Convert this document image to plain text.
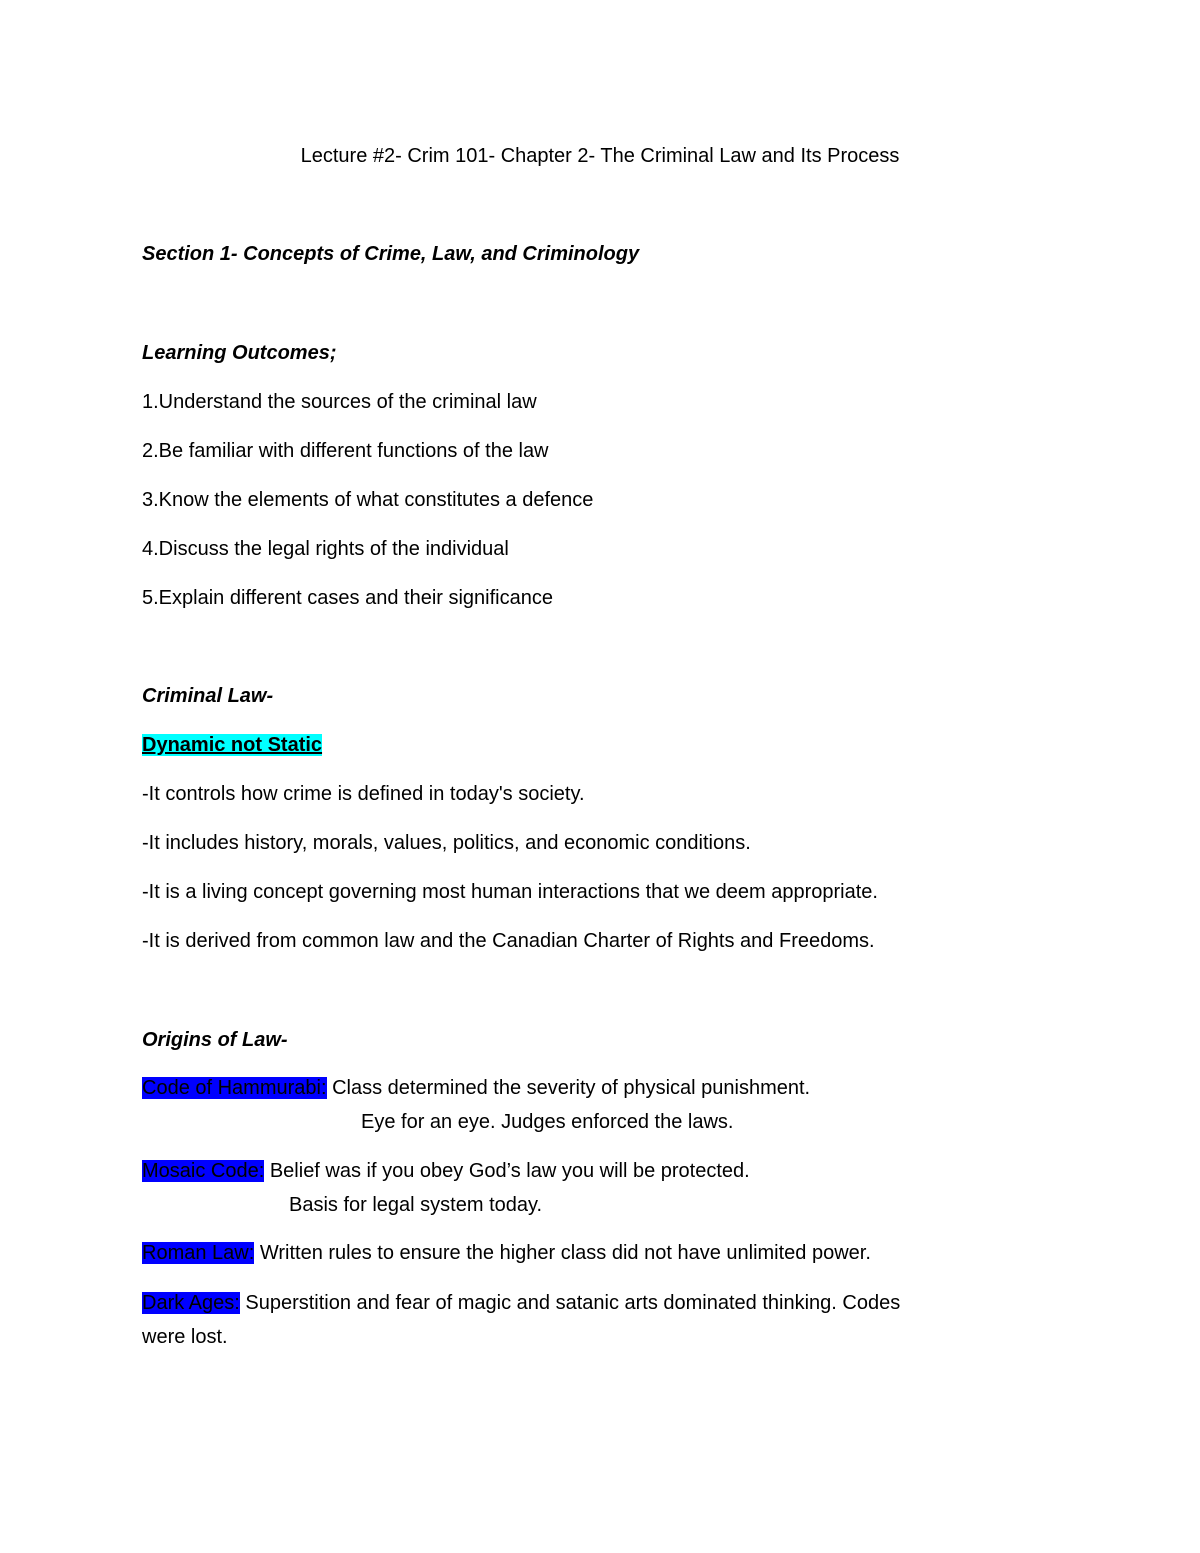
Lecture #2- Crim 101- Chapter 2- The Criminal Law and Its Process
Section 1- Concepts of Crime, Law, and Criminology
Learning Outcomes;
1.Understand the sources of the criminal law
2.Be familiar with different functions of the law
3.Know the elements of what constitutes a defence
4.Discuss the legal rights of the individual
5.Explain different cases and their significance
Criminal Law-
Dynamic not Static
-It controls how crime is defined in today's society.
-It includes history, morals, values, politics, and economic conditions.
-It is a living concept governing most human interactions that we deem appropriate.
-It is derived from common law and the Canadian Charter of Rights and Freedoms.
Origins of Law-
Code of Hammurabi: Class determined the severity of physical punishment.
Eye for an eye. Judges enforced the laws.
Mosaic Code: Belief was if you obey God’s law you will be protected.
Basis for legal system today.
Roman Law: Written rules to ensure the higher class did not have unlimited power.
Dark Ages: Superstition and fear of magic and satanic arts dominated thinking. Codes
were lost.
